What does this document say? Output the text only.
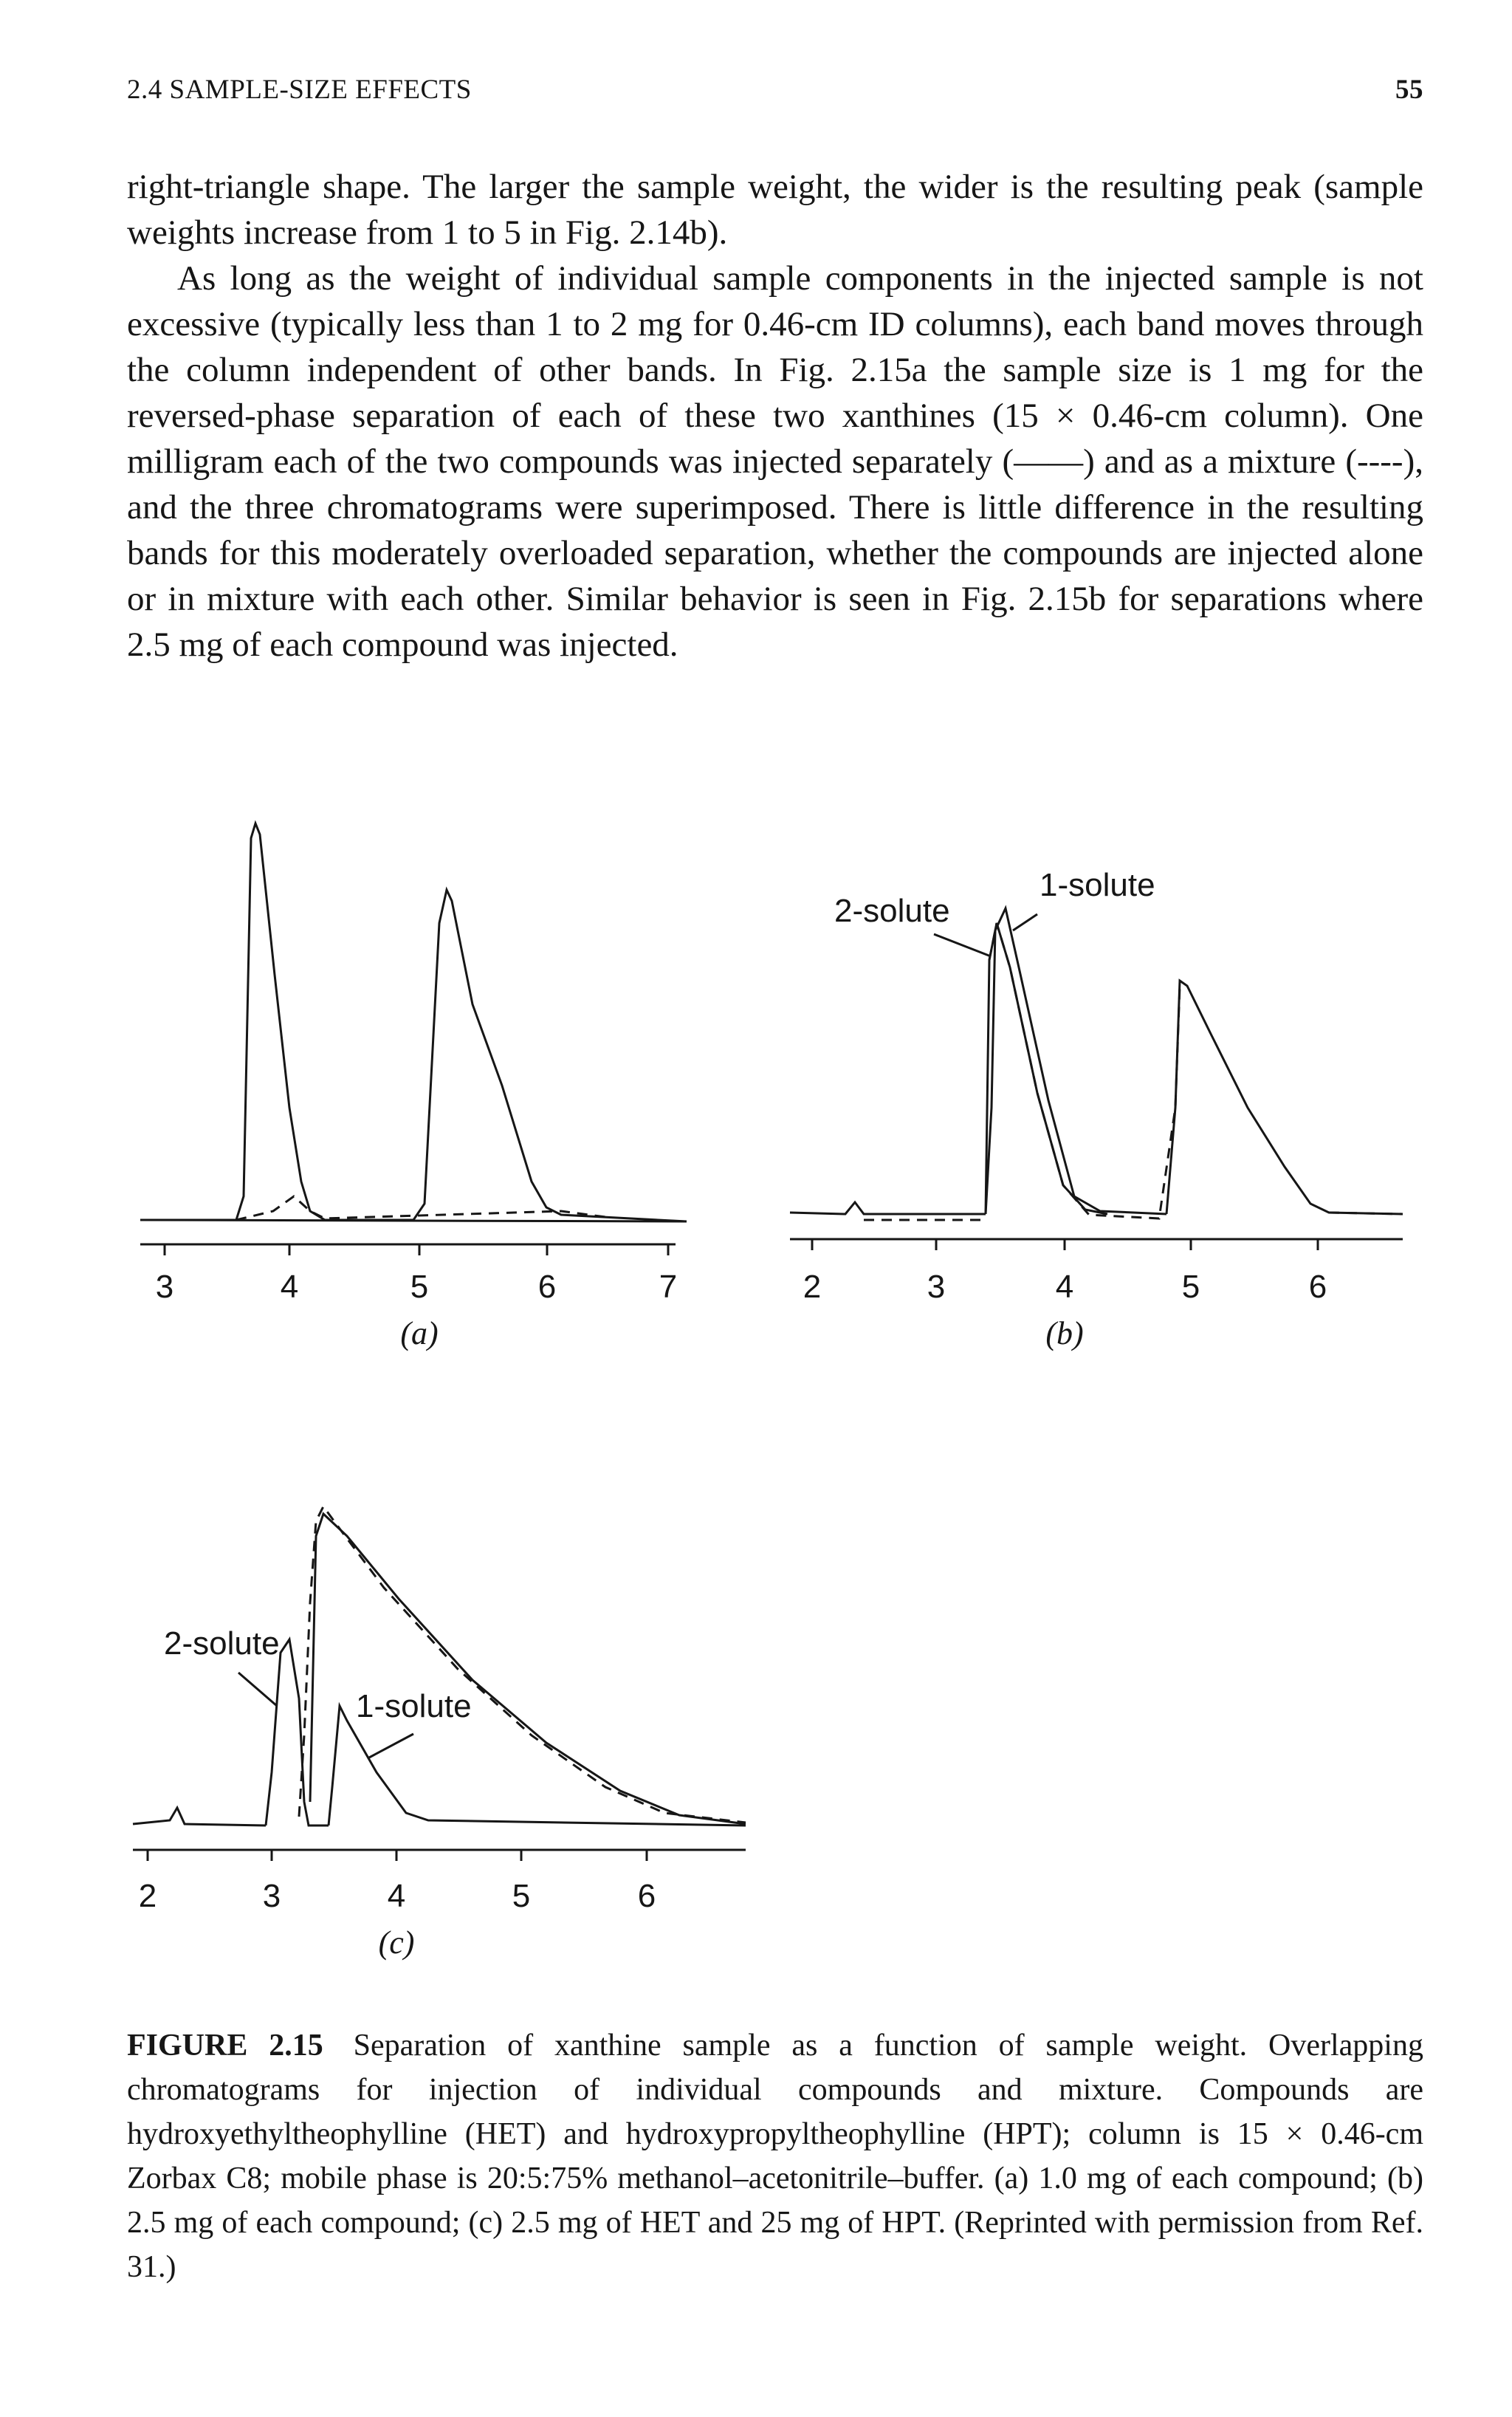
2.4 SAMPLE-SIZE EFFECTS	55

right-triangle shape. The larger the sample weight, the wider is the resulting peak (sample weights increase from 1 to 5 in Fig. 2.14b).

As long as the weight of individual sample components in the injected sample is not excessive (typically less than 1 to 2 mg for 0.46-cm ID columns), each band moves through the column independent of other bands. In Fig. 2.15a the sample size is 1 mg for the reversed-phase separation of each of these two xanthines (15 × 0.46-cm column). One milligram each of the two compounds was injected separately (——) and as a mixture (----), and the three chromatograms were superimposed. There is little difference in the resulting bands for this moderately overloaded separation, whether the compounds are injected alone or in mixture with each other. Similar behavior is seen in Fig. 2.15b for separations where 2.5 mg of each compound was injected.

3	4	5	6	7
(a)
2	3	4	5	6
(b)
2-solute
1-solute
2	3	4	5	6
(c)
2-solute
1-solute
FIGURE 2.15 Separation of xanthine sample as a function of sample weight. Overlapping chromatograms for injection of individual compounds and mixture. Compounds are hydroxyethyltheophylline (HET) and hydroxypropyltheophylline (HPT); column is 15 × 0.46-cm Zorbax C8; mobile phase is 20:5:75% methanol–acetonitrile–buffer. (a) 1.0 mg of each compound; (b) 2.5 mg of each compound; (c) 2.5 mg of HET and 25 mg of HPT. (Reprinted with permission from Ref. 31.)
